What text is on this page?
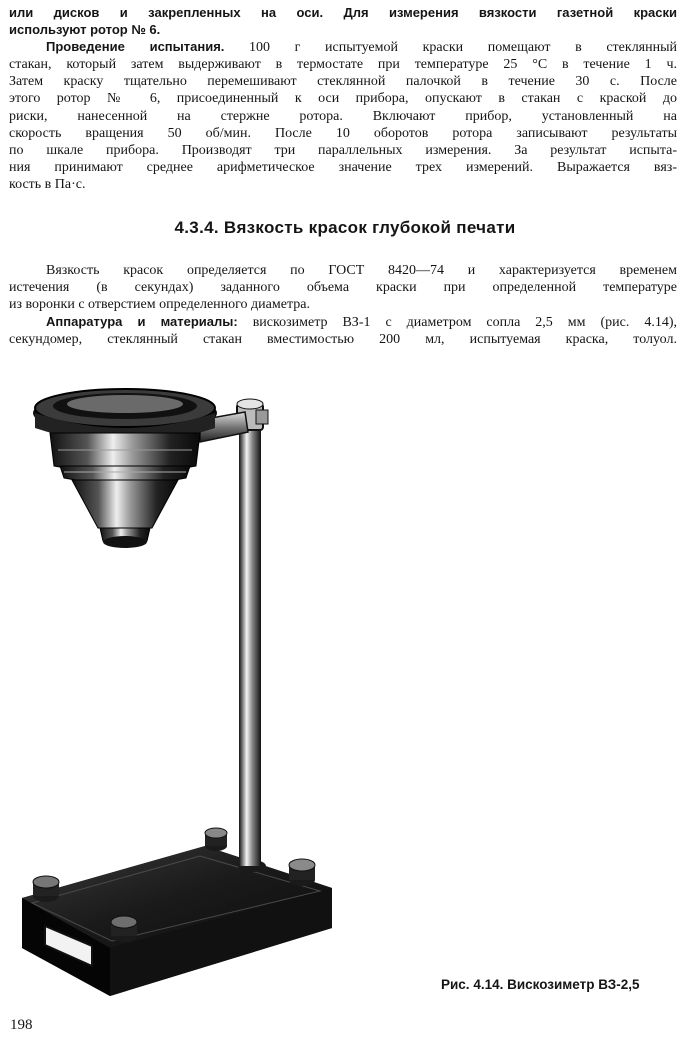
или дисков и закрепленных на оси. Для измерения вязкости газетной краски
используют ротор № 6.
Проведение испытания. 100 г испытуемой краски помещают в стеклянный
стакан, который затем выдерживают в термостате при температуре 25 °С в течение 1 ч.
Затем краску тщательно перемешивают стеклянной палочкой в течение 30 с. После
этого ротор № 6, присоединенный к оси прибора, опускают в стакан с краской до
риски, нанесенной на стержне ротора. Включают прибор, установленный на
скорость вращения 50 об/мин. После 10 оборотов ротора записывают результаты
по шкале прибора. Производят три параллельных измерения. За результат испыта-
ния принимают среднее арифметическое значение трех измерений. Выражается вяз-
кость в Па·с.
4.3.4. Вязкость красок глубокой печати
Вязкость красок определяется по ГОСТ 8420—74 и характеризуется временем
истечения (в секундах) заданного объема краски при определенной температуре
из воронки с отверстием определенного диаметра.
Аппаратура и материалы: вискозиметр ВЗ-1 с диаметром сопла 2,5 мм (рис. 4.14),
секундомер, стеклянный стакан вместимостью 200 мл, испытуемая краска, толуол.
Рис. 4.14. Вискозиметр ВЗ-2,5
198
